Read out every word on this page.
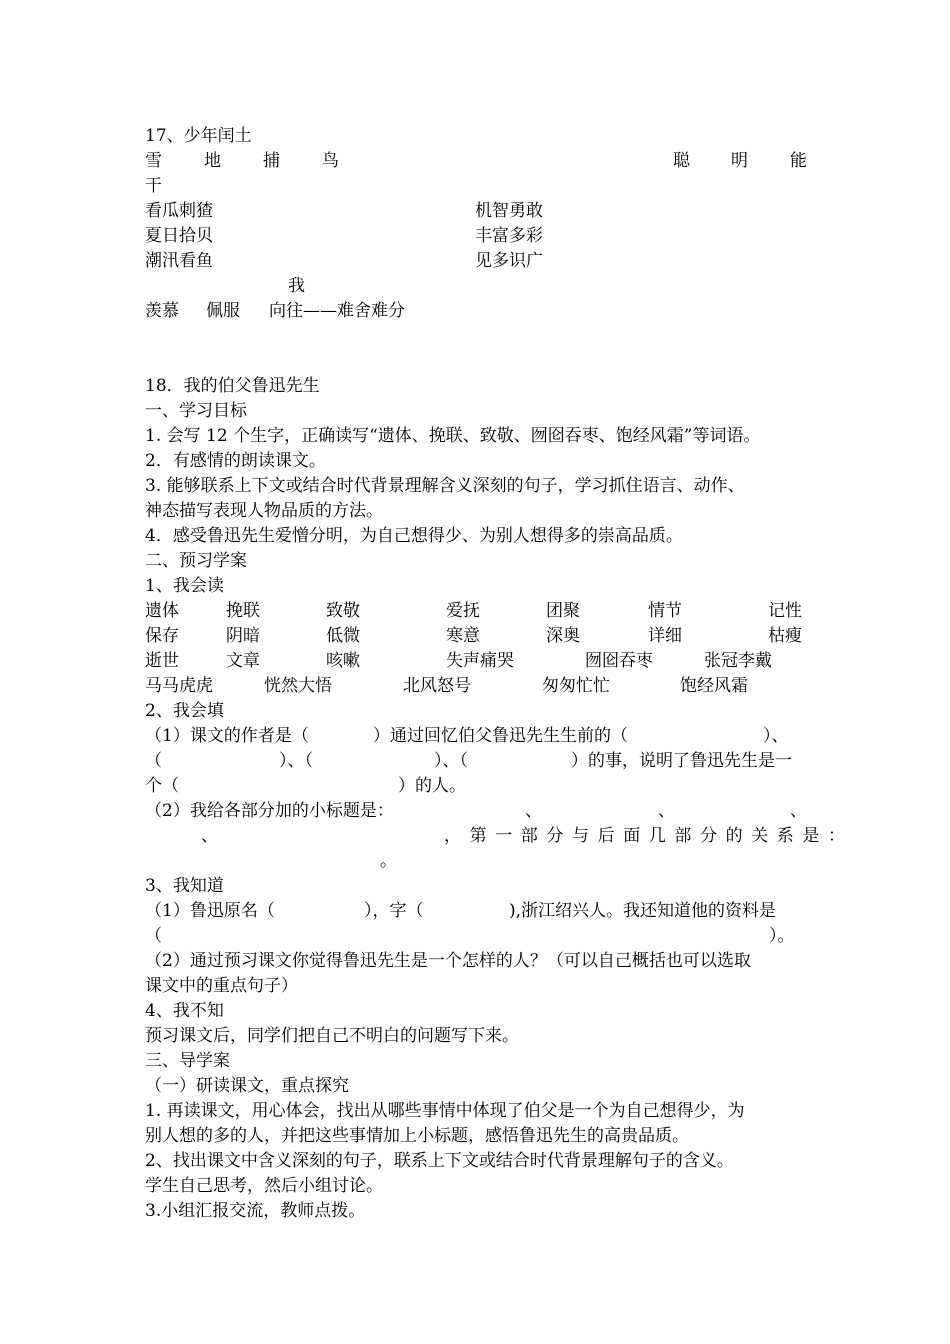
17、少年闰土
雪 地 捕 鸟	聪 明 能
干
看瓜刺猹	机智勇敢
夏日拾贝	丰富多彩
潮汛看鱼	见多识广
我
羡慕 佩服 向往——难舍难分
18．我的伯父鲁迅先生
一、学习目标
1. 会写 12 个生字，正确读写“遗体、挽联、致敬、囫囵吞枣、饱经风霜”等词语。
2．有感情的朗读课文。
3. 能够联系上下文或结合时代背景理解含义深刻的句子，学习抓住语言、动作、
神态描写表现人物品质的方法。
4．感受鲁迅先生爱憎分明，为自己想得少、为别人想得多的崇高品质。
二、预习学案
1、我会读
遗体	挽联	致敬	爱抚	团聚	情节	记性
保存	阴暗	低微	寒意	深奥	详细	枯瘦
逝世	文章	咳嗽	失声痛哭	囫囵吞枣	张冠李戴
马马虎虎	恍然大悟	北风怒号	匆匆忙忙	饱经风霜
2、我会填
（1）课文的作者是（	）通过回忆伯父鲁迅先生生前的（	）、
（	）、（	）、（	）的事，说明了鲁迅先生是一
个（	）的人。
（2）我给各部分加的小标题是：	、	、	、
、	，第一部分与后面几部分的关系是：
。
3、我知道
（1）鲁迅原名（	），字（	),浙江绍兴人。我还知道他的资料是
（	）。
（2）通过预习课文你觉得鲁迅先生是一个怎样的人？（可以自己概括也可以选取
课文中的重点句子）
4、我不知
预习课文后，同学们把自己不明白的问题写下来。
三、导学案
（一）研读课文，重点探究
1. 再读课文，用心体会，找出从哪些事情中体现了伯父是一个为自己想得少，为
别人想的多的人，并把这些事情加上小标题，感悟鲁迅先生的高贵品质。
2、找出课文中含义深刻的句子，联系上下文或结合时代背景理解句子的含义。
学生自己思考，然后小组讨论。
3.小组汇报交流，教师点拨。
